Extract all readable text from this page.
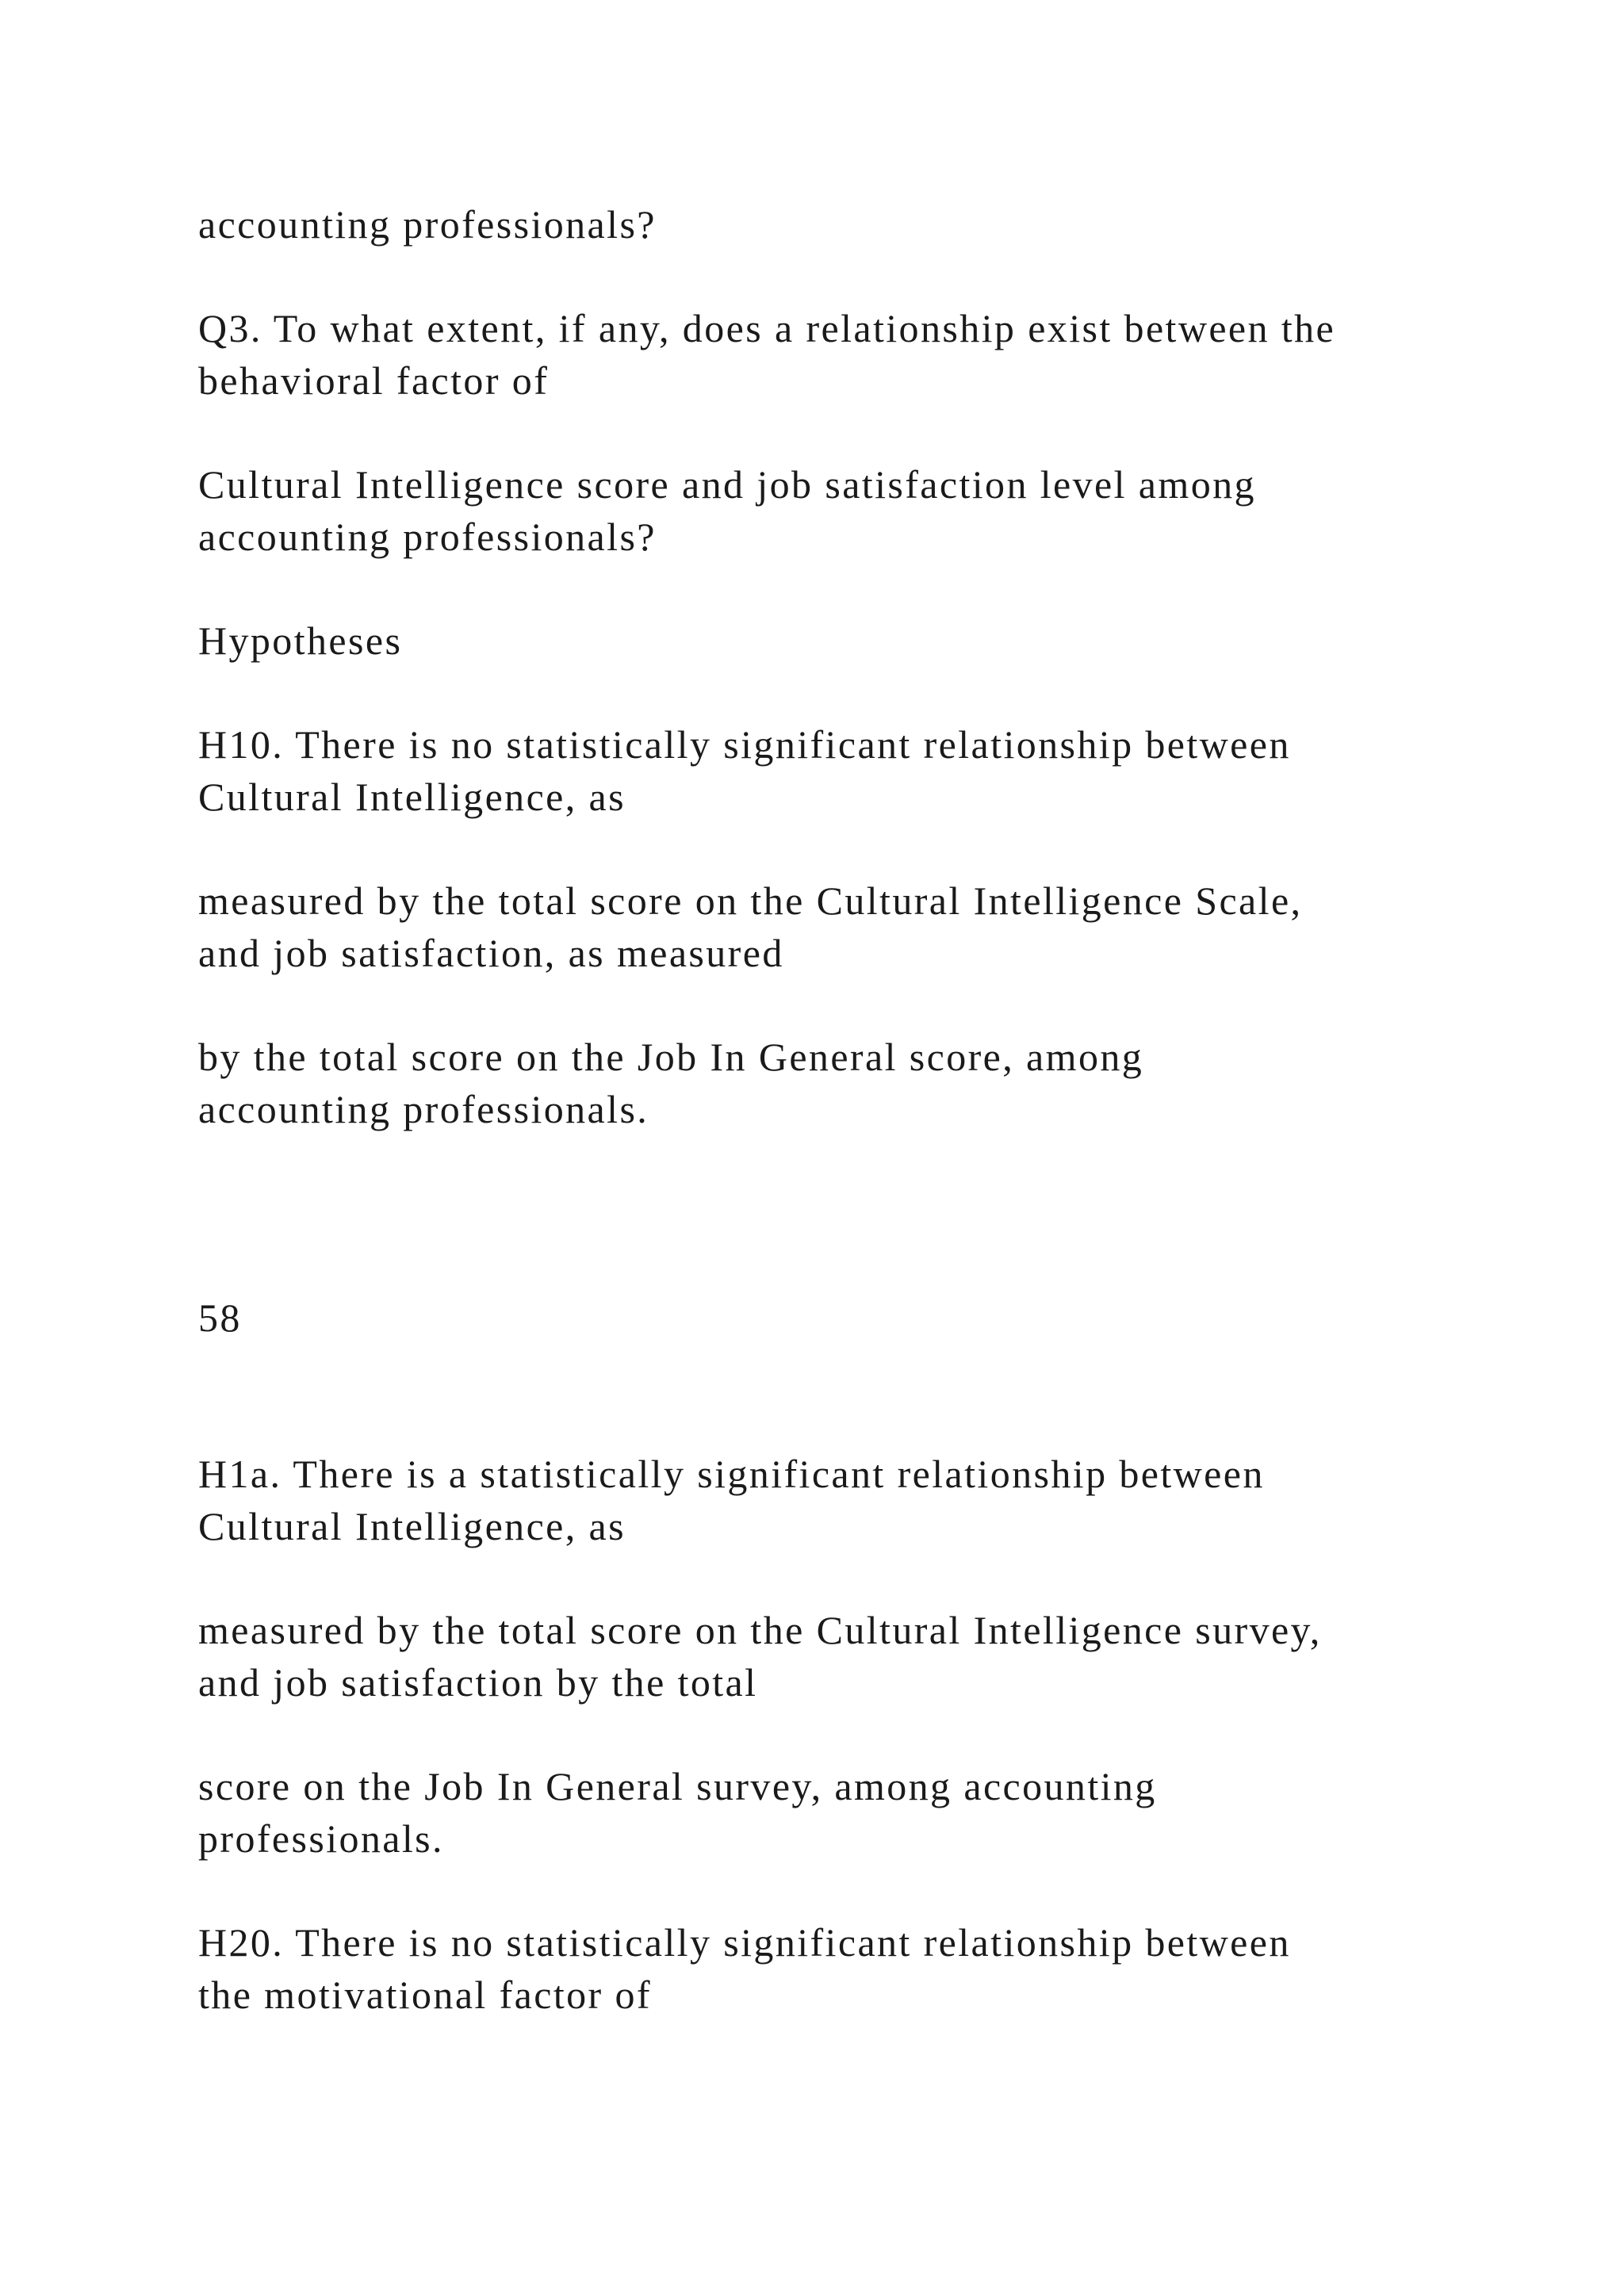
accounting professionals?

Q3. To what extent, if any, does a relationship exist between the

behavioral factor of

Cultural Intelligence score and job satisfaction level among

accounting professionals?

Hypotheses

H10. There is no statistically significant relationship between

Cultural Intelligence, as

measured by the total score on the Cultural Intelligence Scale,

and job satisfaction, as measured

by the total score on the Job In General score, among

accounting professionals.

58

H1a. There is a statistically significant relationship between

Cultural Intelligence, as

measured by the total score on the Cultural Intelligence survey,

and job satisfaction by the total

score on the Job In General survey, among accounting

professionals.

H20. There is no statistically significant relationship between

the motivational factor of
